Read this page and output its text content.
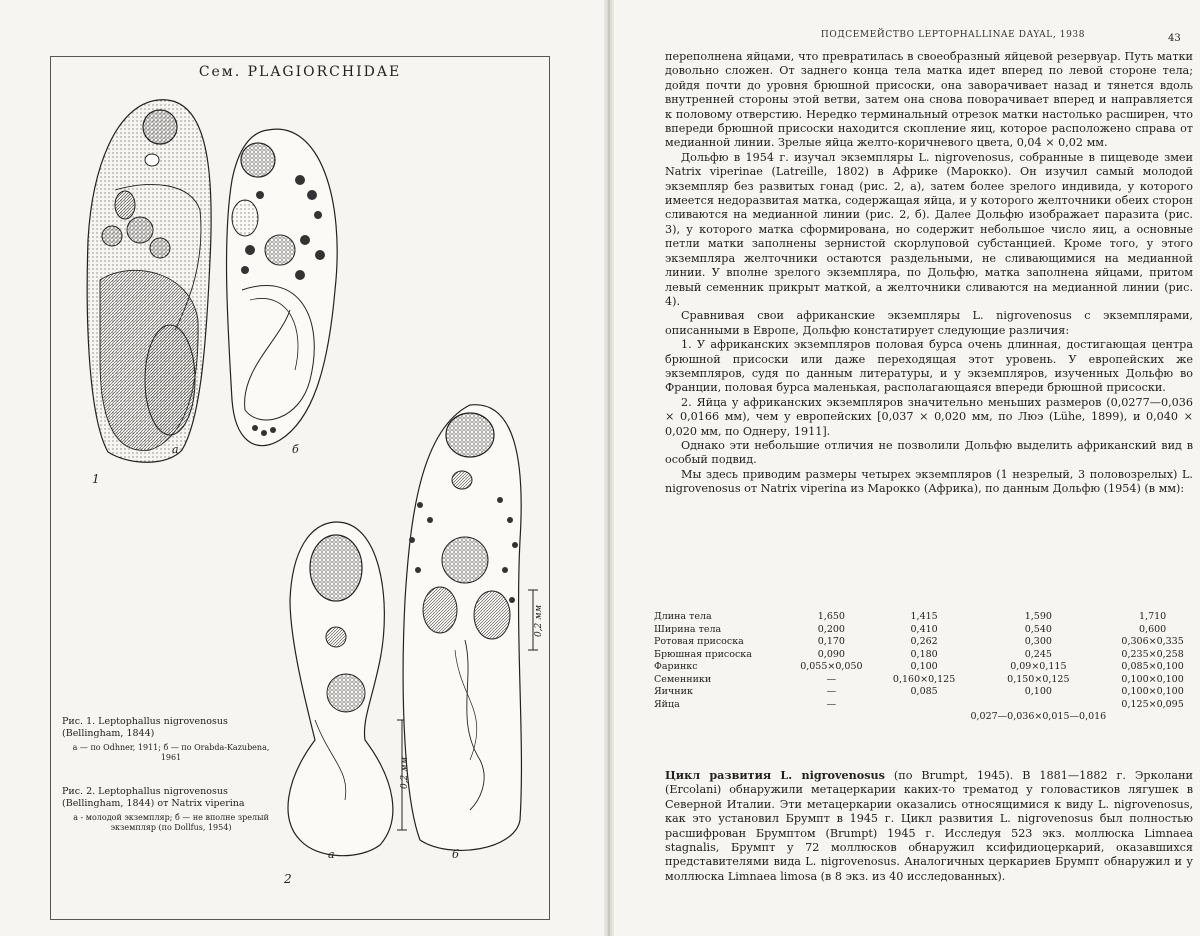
Сем. PLAGIORCHIDAE
а	б
1
а	б
2
0,2 мм
0,2 мм
Рис. 1. Leptophallus nigrovenosus (Bellingham, 1844)
а — по Odhner, 1911; б — по Orabda-Kazubena, 1961
Рис. 2. Leptophallus nigrovenosus (Bellingham, 1844) от Natrix viperina
а - молодой экземпляр; б — не вполне зрелый экземпляр (по Dollfus, 1954)
ПОДСЕМЕЙСТВО LEPTOPHALLINAE DAYAL, 1938	43

переполнена яйцами, что превратилась в своеобразный яйцевой резервуар. Путь матки довольно сложен. От заднего конца тела матка идет вперед по левой стороне тела; дойдя почти до уровня брюшной присоски, она заворачивает назад и тянется вдоль внутренней стороны этой ветви, затем она снова поворачивает вперед и направляется к половому отверстию. Нередко терминальный отрезок матки настолько расширен, что впереди брюшной присоски находится скопление яиц, которое расположено справа от медианной линии. Зрелые яйца желто-коричневого цвета, 0,04 × 0,02 мм.

Дольфю в 1954 г. изучал экземпляры L. nigrovenosus, собранные в пищеводе змеи Natrix viperinae (Latreille, 1802) в Африке (Марокко). Он изучил самый молодой экземпляр без развитых гонад (рис. 2, а), затем более зрелого индивида, у которого имеется недоразвитая матка, содержащая яйца, и у которого желточники обеих сторон сливаются на медианной линии (рис. 2, б). Далее Дольфю изображает паразита (рис. 3), у которого матка сформирована, но содержит небольшое число яиц, а основные петли матки заполнены зернистой скорлуповой субстанцией. Кроме того, у этого экземпляра желточники остаются раздельными, не сливающимися на медианной линии. У вполне зрелого экземпляра, по Дольфю, матка заполнена яйцами, притом левый семенник прикрыт маткой, а желточники сливаются на медианной линии (рис. 4).

Сравнивая свои африканские экземпляры L. nigrovenosus с экземплярами, описанными в Европе, Дольфю констатирует следующие различия:

1. У африканских экземпляров половая бурса очень длинная, достигающая центра брюшной присоски или даже переходящая этот уровень. У европейских же экземпляров, судя по данным литературы, и у экземпляров, изученных Дольфю во Франции, половая бурса маленькая, располагающаяся впереди брюшной присоски.

2. Яйца у африканских экземпляров значительно меньших размеров (0,0277—0,036 × 0,0166 мм), чем у европейских [0,037 × 0,020 мм, по Люэ (Lühe, 1899), и 0,040 × 0,020 мм, по Однеру, 1911].

Однако эти небольшие отличия не позволили Дольфю выделить африканский вид в особый подвид.

Мы здесь приводим размеры четырех экземпляров (1 незрелый, 3 половозрелых) L. nigrovenosus от Natrix viperina из Марокко (Африка), по данным Дольфю (1954) (в мм):

Длина тела	1,650	1,415	1,590	1,710
Ширина тела	0,200	0,410	0,540	0,600
Ротовая присоска	0,170	0,262	0,300	0,306×0,335
Брюшная присоска	0,090	0,180	0,245	0,235×0,258
Фаринкс	0,055×0,050	0,100	0,09×0,115	0,085×0,100
Семенники	—	0,160×0,125	0,150×0,125	0,100×0,100
Яичник	—	0,085	0,100	0,100×0,100
Яйца	—			0,125×0,095
			0,027—0,036×0,015—0,016	

Цикл развития L. nigrovenosus (по Brumpt, 1945). В 1881—1882 г. Эрколани (Ercolani) обнаружили метацеркарии каких-то трематод у головастиков лягушек в Северной Италии. Эти метацеркарии оказались относящимися к виду L. nigrovenosus, как это установил Брумпт в 1945 г. Цикл развития L. nigrovenosus был полностью расшифрован Брумптом (Brumpt) 1945 г. Исследуя 523 экз. моллюска Limnaea stagnalis, Брумпт у 72 моллюсков обнаружил ксифидиоцеркарий, оказавшихся представителями вида L. nigrovenosus. Аналогичных церкариев Брумпт обнаружил и у моллюска Limnaea limosa (в 8 экз. из 40 исследованных).
